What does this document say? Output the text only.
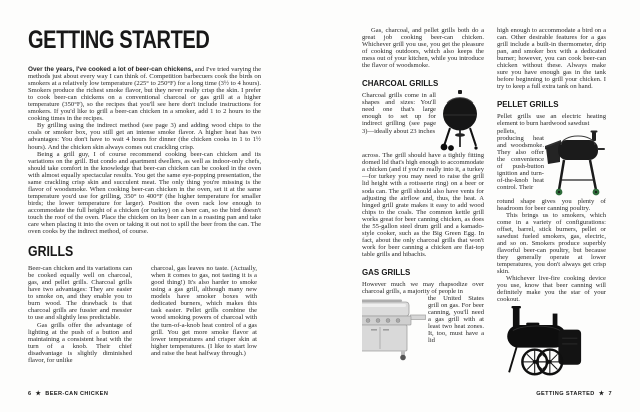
GETTING STARTED

Over the years, I've cooked a lot of beer-can chickens, and I've tried varying the methods just about every way I can think of. Competition barbecuers cook the birds on smokers at a relatively low temperature (225° to 250°F) for a long time (3½ to 4 hours). Smokers produce the richest smoke flavor, but they never really crisp the skin. I prefer to cook beer-can chickens on a conventional charcoal or gas grill at a higher temperature (350°F), so the recipes that you'll see here don't include instructions for smokers. If you'd like to grill a beer-can chicken in a smoker, add 1 to 2 hours to the cooking times in the recipes.

By grilling using the indirect method (see page 3) and adding wood chips to the coals or smoker box, you still get an intense smoke flavor. A higher heat has two advantages: You don't have to wait 4 hours for dinner (the chicken cooks in 1 to 1½ hours). And the chicken skin always comes out crackling crisp.

Being a grill guy, I of course recommend cooking beer-can chicken and its variations on the grill. But condo and apartment dwellers, as well as indoor-only chefs, should take comfort in the knowledge that beer-can chicken can be cooked in the oven with almost equally spectacular results. You get the same eye-popping presentation, the same crackling crisp skin and succulent meat. The only thing you're missing is the flavor of woodsmoke. When cooking beer-can chicken in the oven, set it at the same temperature you'd use for grilling, 350° to 400°F (the higher temperature for smaller birds; the lower temperature for larger). Position the oven rack low enough to accommodate the full height of a chicken (or turkey) on a beer can, so the bird doesn't touch the roof of the oven. Place the chicken on its beer can in a roasting pan and take care when placing it into the oven or taking it out not to spill the beer from the can. The oven cooks by the indirect method, of course.

GRILLS

Beer-can chicken and its variations can be cooked equally well on charcoal, gas, and pellet grills. Charcoal grills have two advantages: They are easier to smoke on, and they enable you to burn wood. The drawback is that charcoal grills are fussier and messier to use and slightly less predictable.

Gas grills offer the advantage of lighting at the push of a button and maintaining a consistent heat with the turn of a knob. Their chief disadvantage is slightly diminished flavor, for unlike

charcoal, gas leaves no taste. (Actually, when it comes to gas, not tasting it is a good thing!) It's also harder to smoke using a gas grill, although many new models have smoker boxes with dedicated burners, which makes this task easier. Pellet grills combine the wood smoking powers of charcoal with the turn-of-a-knob heat control of a gas grill. You get more smoke flavor at lower temperatures and crisper skin at higher temperatures. (I like to start low and raise the heat halfway through.)

Gas, charcoal, and pellet grills both do a great job cooking beer-can chicken. Whichever grill you use, you get the pleasure of cooking outdoors, which also keeps the mess out of your kitchen, while you introduce the flavor of woodsmoke.

CHARCOAL GRILLS

Charcoal grills come in all shapes and sizes: You'll need one that's large enough to set up for indirect grilling (see page 3)—ideally about 23 inches

across. The grill should have a tightly fitting domed lid that's high enough to accommodate a chicken (and if you're really into it, a turkey—for turkey you may need to raise the grill lid height with a rotisserie ring) on a beer or soda can. The grill should also have vents for adjusting the airflow and, thus, the heat. A hinged grill grate makes it easy to add wood chips to the coals. The common kettle grill works great for beer canning chicken, as does the 55-gallon steel drum grill and a kamado-style cooker, such as the Big Green Egg. In fact, about the only charcoal grills that won't work for beer canning a chicken are flat-top table grills and hibachis.

GAS GRILLS

However much we may rhapsodize over charcoal grills, a majority of people in

the United States grill on gas. For beer canning, you'll need a gas grill with at least two heat zones. It, too, must have a lid

high enough to accommodate a bird on a can. Other desirable features for a gas grill include a built-in thermometer, drip pan, and smoker box with a dedicated burner; however, you can cook beer-can chicken without these. Always make sure you have enough gas in the tank before beginning to grill your chicken. I try to keep a full extra tank on hand.

PELLET GRILLS

Pellet grills use an electric heating element to burn hardwood sawdust

pellets, producing heat and woodsmoke. They also offer the convenience of push-button ignition and turn-of-the-knob heat control. Their

rotund shape gives you plenty of headroom for beer canning poultry.

This brings us to smokers, which come in a variety of configurations: offset, barrel, stick burners, pellet or sawdust fueled smokers, gas, electric, and so on. Smokers produce superbly flavorful beer-can poultry, but because they generally operate at lower temperatures, you don't always get crisp skin.

Whichever live-fire cooking device you use, know that beer canning will definitely make you the star of your cookout.

6 ★ BEER-CAN CHICKEN	GETTING STARTED ★ 7
